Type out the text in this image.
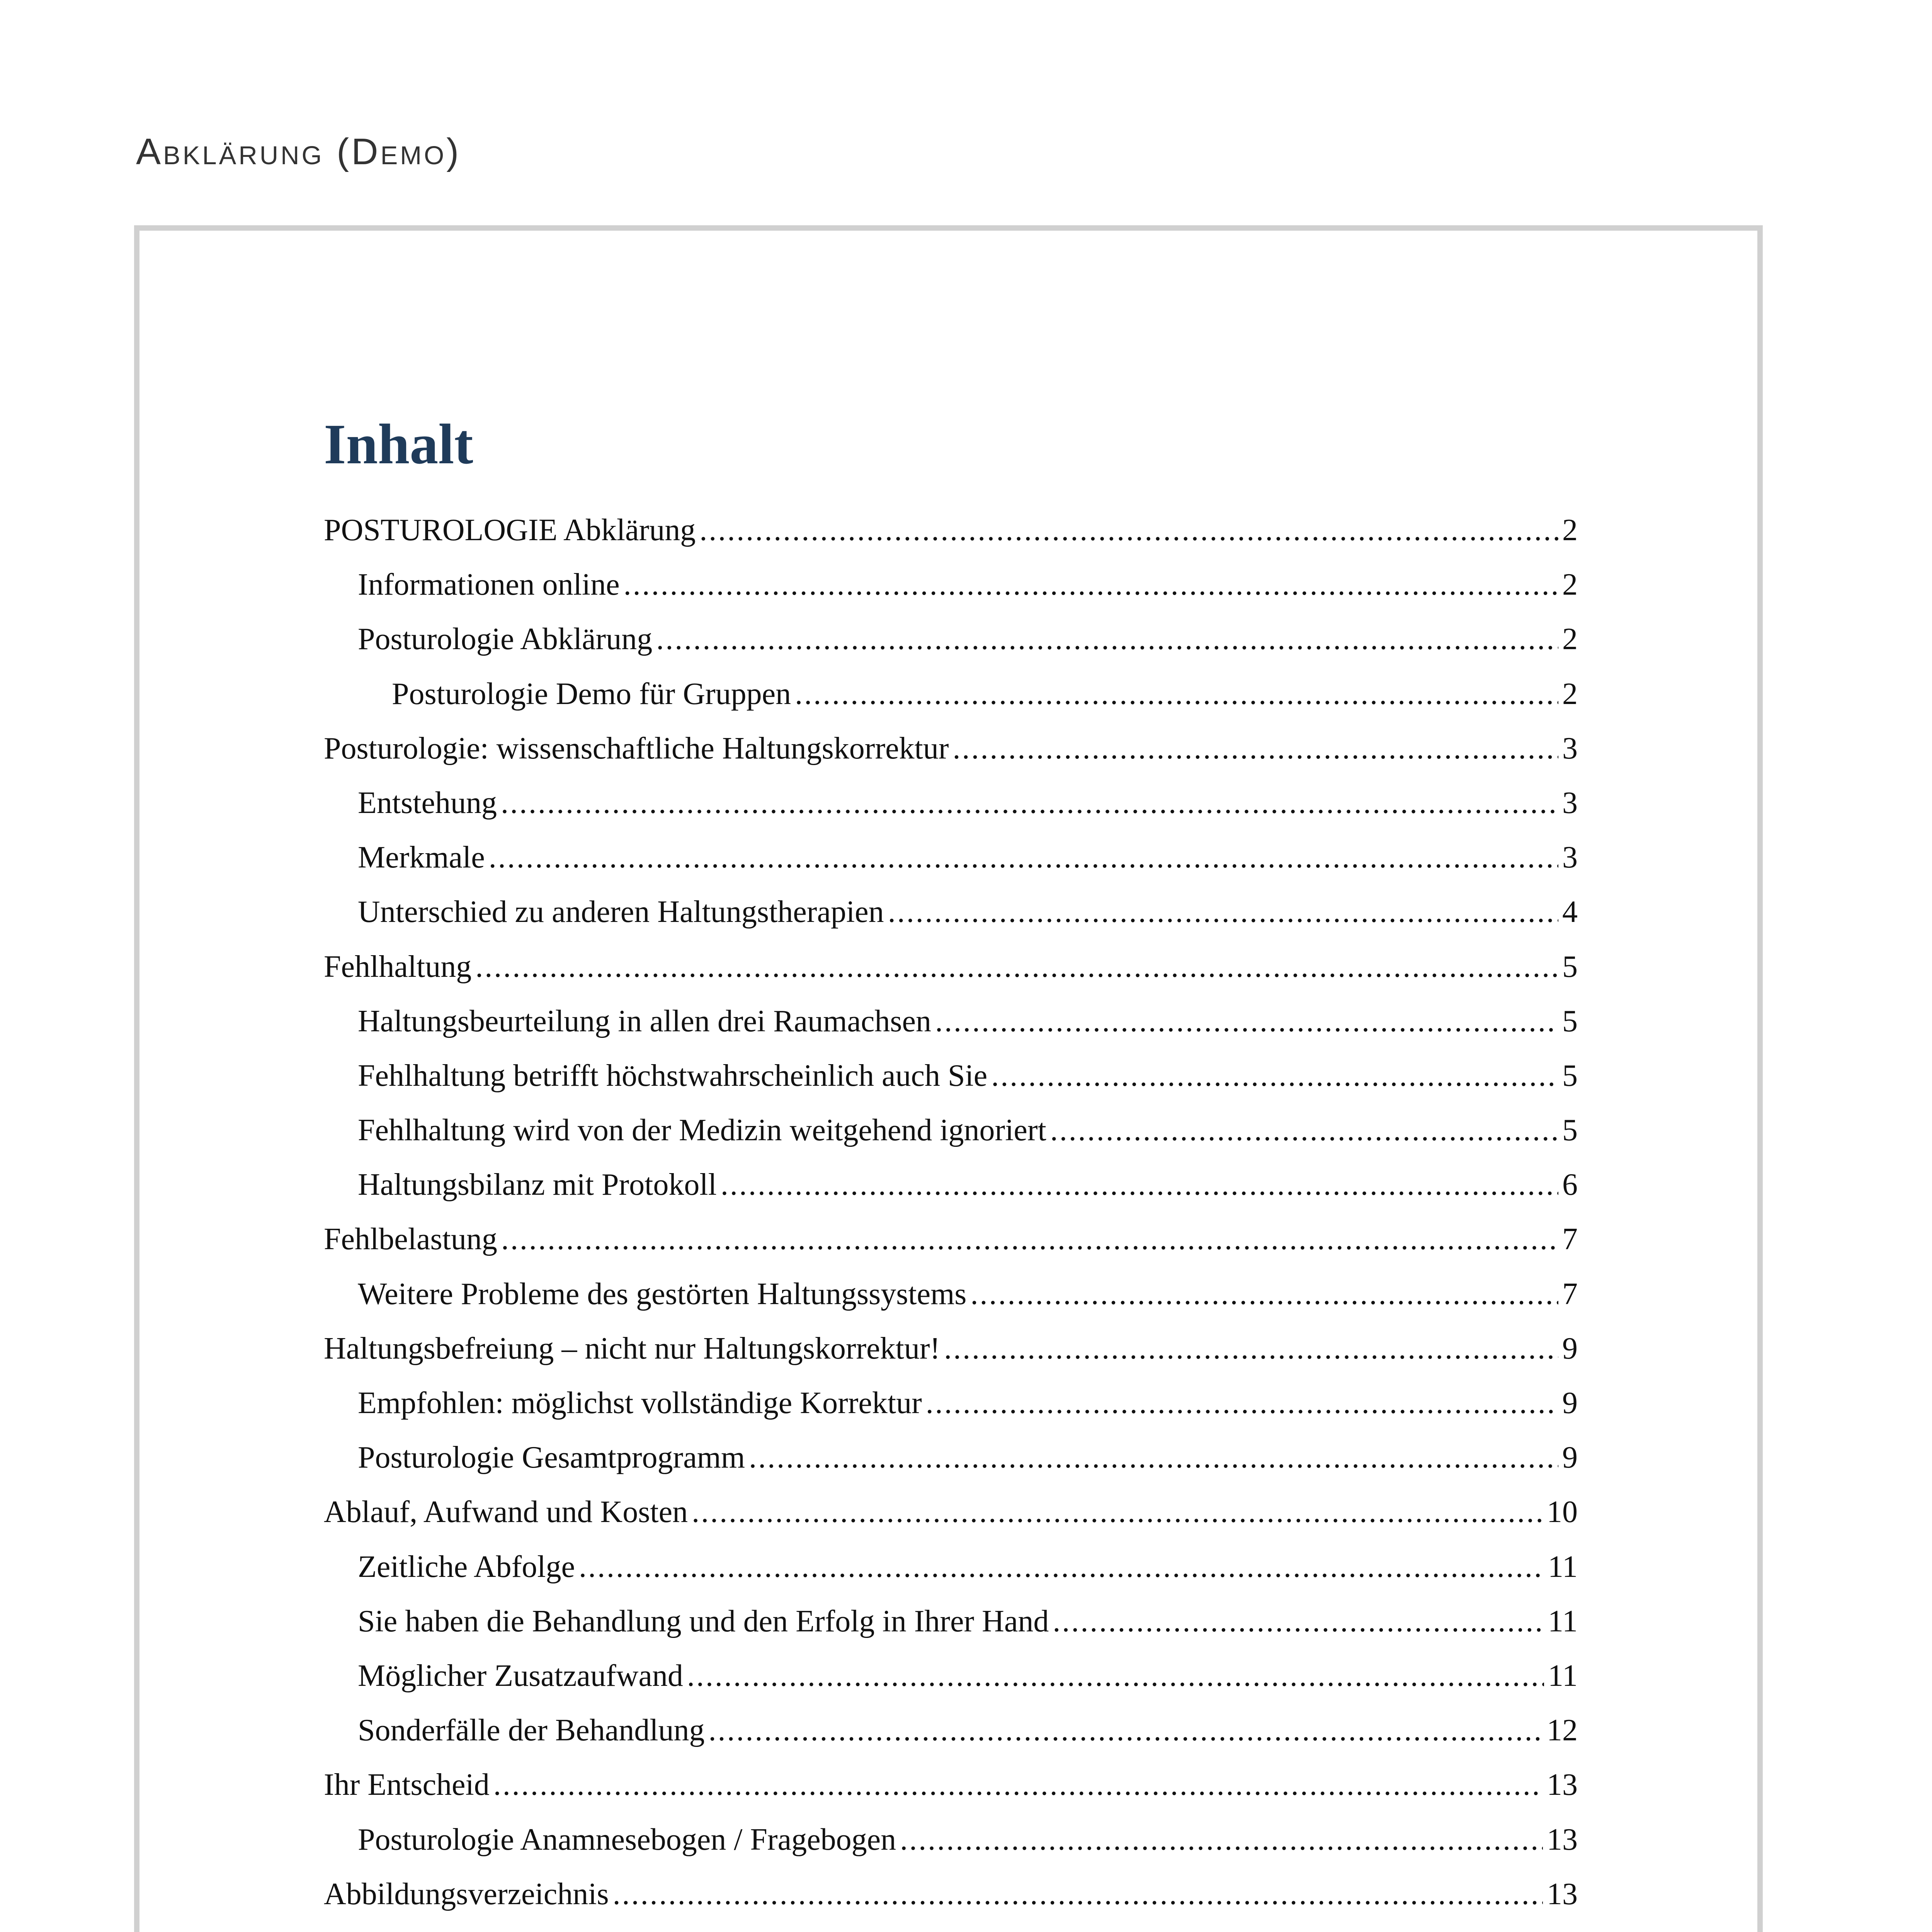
Abklärung (Demo)
Inhalt
POSTUROLOGIE Abklärung .....	2
Informationen online .....	2
Posturologie Abklärung .....	2
Posturologie Demo für Gruppen .....	2
Posturologie: wissenschaftliche Haltungskorrektur .....	3
Entstehung .....	3
Merkmale .....	3
Unterschied zu anderen Haltungstherapien .....	4
Fehlhaltung .....	5
Haltungsbeurteilung in allen drei Raumachsen .....	5
Fehlhaltung betrifft höchstwahrscheinlich auch Sie .....	5
Fehlhaltung wird von der Medizin weitgehend ignoriert .....	5
Haltungsbilanz mit Protokoll .....	6
Fehlbelastung .....	7
Weitere Probleme des gestörten Haltungssystems .....	7
Haltungsbefreiung – nicht nur Haltungskorrektur! .....	9
Empfohlen: möglichst vollständige Korrektur .....	9
Posturologie Gesamtprogramm .....	9
Ablauf, Aufwand und Kosten .....	10
Zeitliche Abfolge .....	11
Sie haben die Behandlung und den Erfolg in Ihrer Hand .....	11
Möglicher Zusatzaufwand .....	11
Sonderfälle der Behandlung .....	12
Ihr Entscheid .....	13
Posturologie Anamnesebogen / Fragebogen .....	13
Abbildungsverzeichnis .....	13
